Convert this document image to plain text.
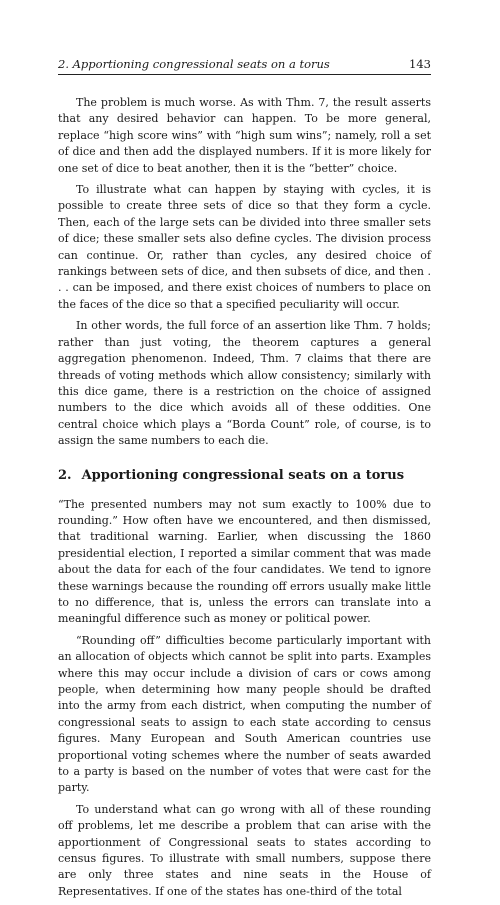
2. Apportioning congressional seats on a torus	143

The problem is much worse. As with Thm. 7, the result asserts that any desired behavior can happen. To be more general, replace “high score wins” with “high sum wins”; namely, roll a set of dice and then add the displayed numbers. If it is more likely for one set of dice to beat another, then it is the “better” choice.

To illustrate what can happen by staying with cycles, it is possible to create three sets of dice so that they form a cycle. Then, each of the large sets can be divided into three smaller sets of dice; these smaller sets also define cycles. The division process can continue. Or, rather than cycles, any desired choice of rankings between sets of dice, and then subsets of dice, and then . . . can be imposed, and there exist choices of numbers to place on the faces of the dice so that a specified peculiarity will occur.

In other words, the full force of an assertion like Thm. 7 holds; rather than just voting, the theorem captures a general aggregation phenomenon. Indeed, Thm. 7 claims that there are threads of voting methods which allow consistency; similarly with this dice game, there is a restriction on the choice of assigned numbers to the dice which avoids all of these oddities. One central choice which plays a “Borda Count” role, of course, is to assign the same numbers to each die.

2. Apportioning congressional seats on a torus

“The presented numbers may not sum exactly to 100% due to rounding.” How often have we encountered, and then dismissed, that traditional warning. Earlier, when discussing the 1860 presidential election, I reported a similar comment that was made about the data for each of the four candidates. We tend to ignore these warnings because the rounding off errors usually make little to no difference, that is, unless the errors can translate into a meaningful difference such as money or political power.

“Rounding off” difficulties become particularly important with an allocation of objects which cannot be split into parts. Examples where this may occur include a division of cars or cows among people, when determining how many people should be drafted into the army from each district, when computing the number of congressional seats to assign to each state according to census figures. Many European and South American countries use proportional voting schemes where the number of seats awarded to a party is based on the number of votes that were cast for the party.

To understand what can go wrong with all of these rounding off problems, let me describe a problem that can arise with the apportionment of Congressional seats to states according to census figures. To illustrate with small numbers, suppose there are only three states and nine seats in the House of Representatives. If one of the states has one-third of the total
